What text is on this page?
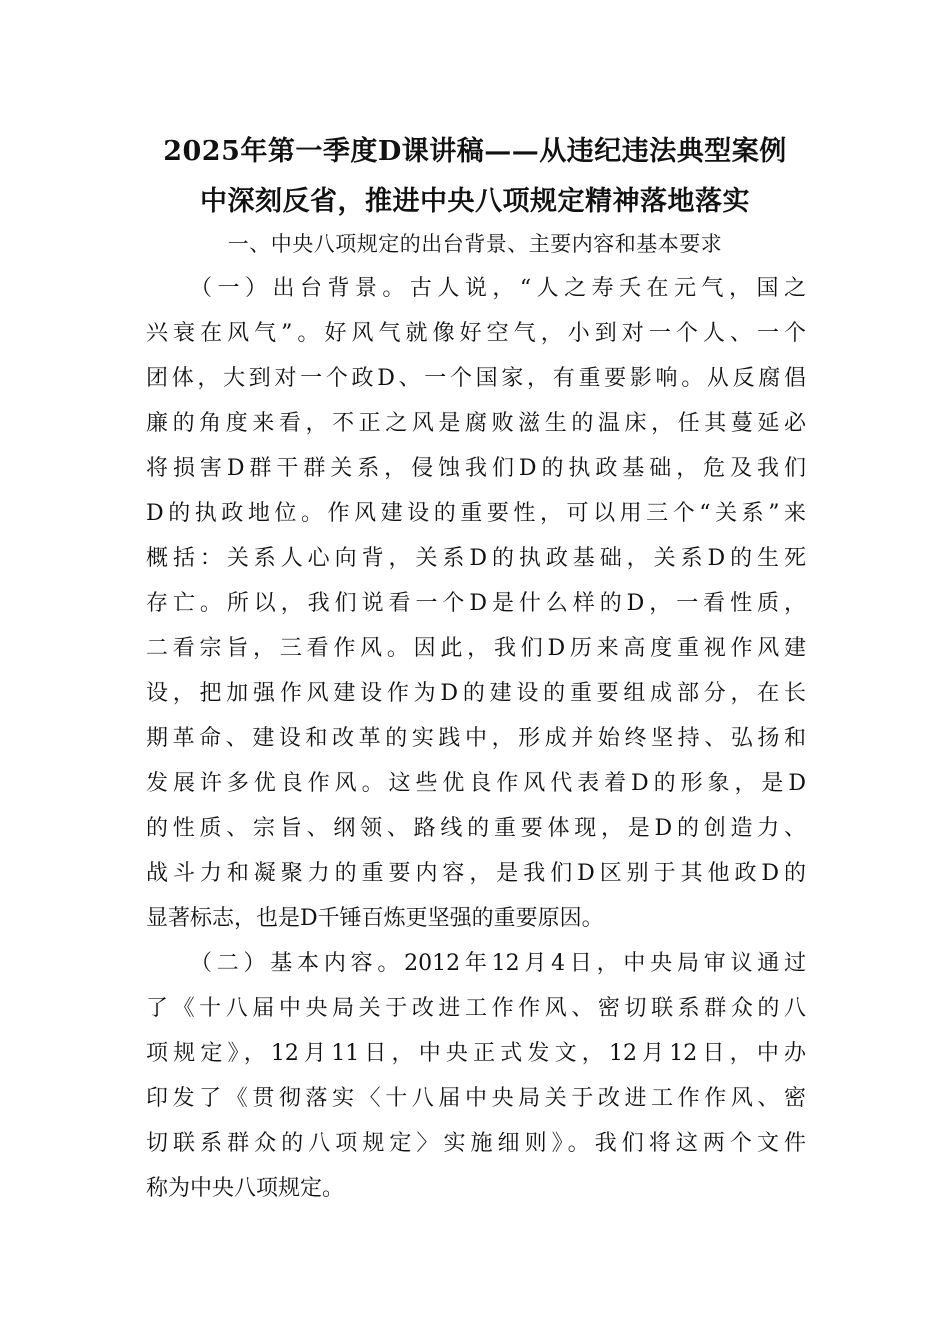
2025年第一季度D课讲稿——从违纪违法典型案例
中深刻反省，推进中央八项规定精神落地落实
一、中央八项规定的出台背景、主要内容和基本要求
（一）出台背景。古人说，“人之寿夭在元气，国之
兴衰在风气”。好风气就像好空气，小到对一个人、一个
团体，大到对一个政D、一个国家，有重要影响。从反腐倡
廉的角度来看，不正之风是腐败滋生的温床，任其蔓延必
将损害D群干群关系，侵蚀我们D的执政基础，危及我们
D的执政地位。作风建设的重要性，可以用三个“关系”来
概括：关系人心向背，关系D的执政基础，关系D的生死
存亡。所以，我们说看一个D是什么样的D，一看性质，
二看宗旨，三看作风。因此，我们D历来高度重视作风建
设，把加强作风建设作为D的建设的重要组成部分，在长
期革命、建设和改革的实践中，形成并始终坚持、弘扬和
发展许多优良作风。这些优良作风代表着D的形象，是D
的性质、宗旨、纲领、路线的重要体现，是D的创造力、
战斗力和凝聚力的重要内容，是我们D区别于其他政D的
显著标志，也是D千锤百炼更坚强的重要原因。
（二）基本内容。2012年12月4日，中央局审议通过
了《十八届中央局关于改进工作作风、密切联系群众的八
项规定》，12月11日，中央正式发文，12月12日，中办
印发了《贯彻落实〈十八届中央局关于改进工作作风、密
切联系群众的八项规定〉实施细则》。我们将这两个文件
称为中央八项规定。
